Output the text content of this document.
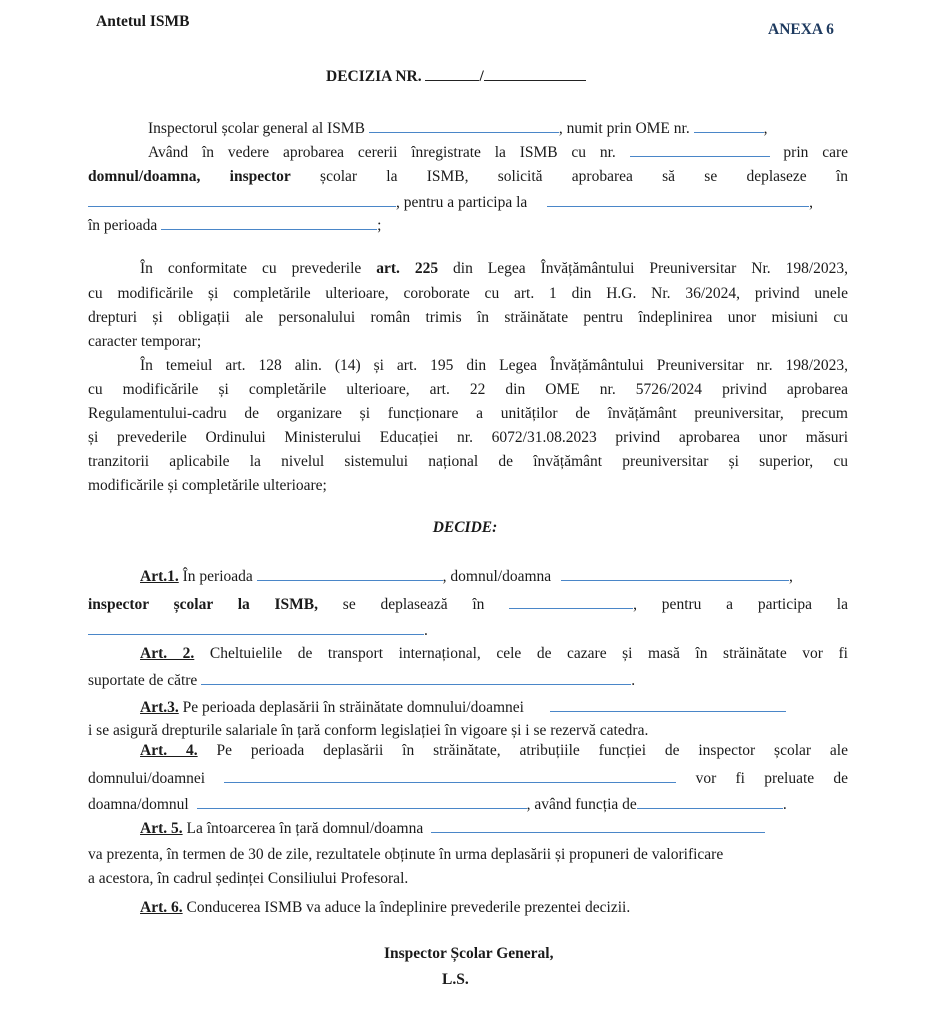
Antetul ISMB	ANEXA 6
DECIZIA NR.	/
Inspectorul școlar general al ISMB	, numit prin OME nr.	,
Având în vedere aprobarea cererii înregistrate la ISMB cu nr.	prin care
domnul/doamna, inspector școlar la ISMB, solicită aprobarea să se deplaseze în
, pentru a participa la	,
în perioada	;
În conformitate cu prevederile art. 225 din Legea Învățământului Preuniversitar Nr. 198/2023,
cu modificările și completările ulterioare, coroborate cu art. 1 din H.G. Nr. 36/2024, privind unele
drepturi și obligații ale personalului român trimis în străinătate pentru îndeplinirea unor misiuni cu
caracter temporar;
În temeiul art. 128 alin. (14) și art. 195 din Legea Învățământului Preuniversitar nr. 198/2023,
cu modificările și completările ulterioare, art. 22 din OME nr. 5726/2024 privind aprobarea
Regulamentului-cadru de organizare și funcționare a unităților de învățământ preuniversitar, precum
și prevederile Ordinului Ministerului Educației nr. 6072/31.08.2023 privind aprobarea unor măsuri
tranzitorii aplicabile la nivelul sistemului național de învățământ preuniversitar și superior, cu
modificările și completările ulterioare;
DECIDE:
Art.1. În perioada	, domnul/doamna	,
inspector școlar la ISMB, se deplasează în	, pentru a participa la
.
Art. 2. Cheltuielile de transport internațional, cele de cazare și masă în străinătate vor fi
suportate de către	.
Art.3. Pe perioada deplasării în străinătate domnului/doamnei
i se asigură drepturile salariale în țară conform legislației în vigoare și i se rezervă catedra.
Art. 4. Pe perioada deplasării în străinătate, atribuțiile funcției de inspector școlar ale
domnului/doamnei	vor fi preluate de
doamna/domnul	, având funcția de	.
Art. 5. La întoarcerea în țară domnul/doamna
va prezenta, în termen de 30 de zile, rezultatele obținute în urma deplasării și propuneri de valorificare
a acestora, în cadrul ședinței Consiliului Profesoral.
Art. 6. Conducerea ISMB va aduce la îndeplinire prevederile prezentei decizii.
Inspector Școlar General,
L.S.
